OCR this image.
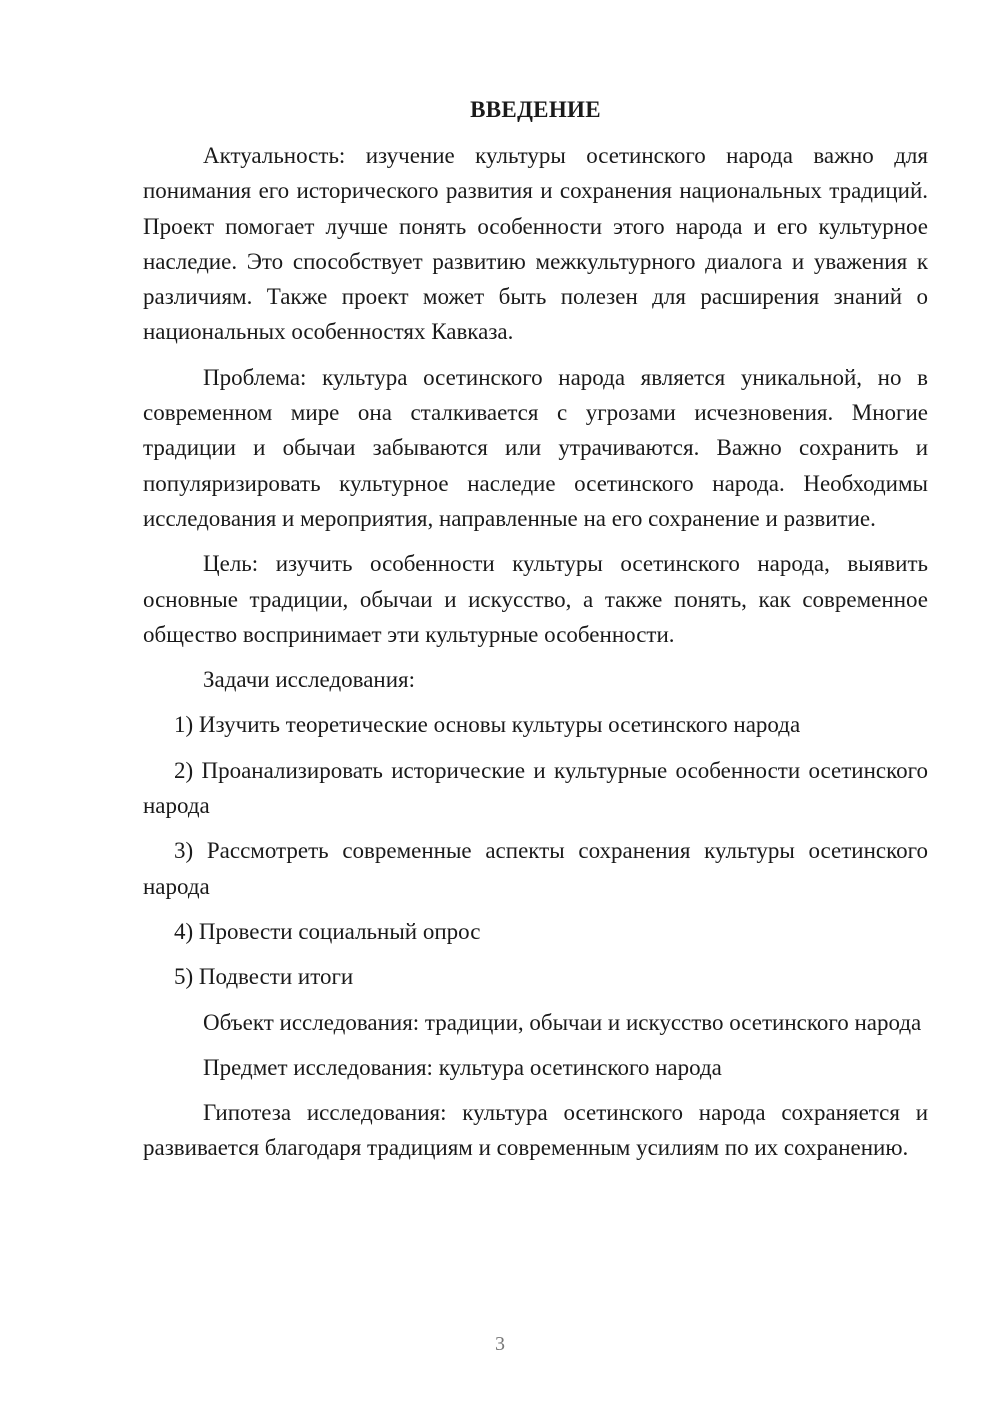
ВВЕДЕНИЕ

Актуальность: изучение культуры осетинского народа важно для понимания его исторического развития и сохранения национальных традиций. Проект помогает лучше понять особенности этого народа и его культурное наследие. Это способствует развитию межкультурного диалога и уважения к различиям. Также проект может быть полезен для расширения знаний о национальных особенностях Кавказа.

Проблема: культура осетинского народа является уникальной, но в современном мире она сталкивается с угрозами исчезновения. Многие традиции и обычаи забываются или утрачиваются. Важно сохранить и популяризировать культурное наследие осетинского народа. Необходимы исследования и мероприятия, направленные на его сохранение и развитие.

Цель: изучить особенности культуры осетинского народа, выявить основные традиции, обычаи и искусство, а также понять, как современное общество воспринимает эти культурные особенности.

Задачи исследования:

1) Изучить теоретические основы культуры осетинского народа

2) Проанализировать исторические и культурные особенности осетинского народа

3) Рассмотреть современные аспекты сохранения культуры осетинского народа

4) Провести социальный опрос

5) Подвести итоги

Объект исследования: традиции, обычаи и искусство осетинского народа

Предмет исследования: культура осетинского народа

Гипотеза исследования: культура осетинского народа сохраняется и развивается благодаря традициям и современным усилиям по их сохранению.

3
